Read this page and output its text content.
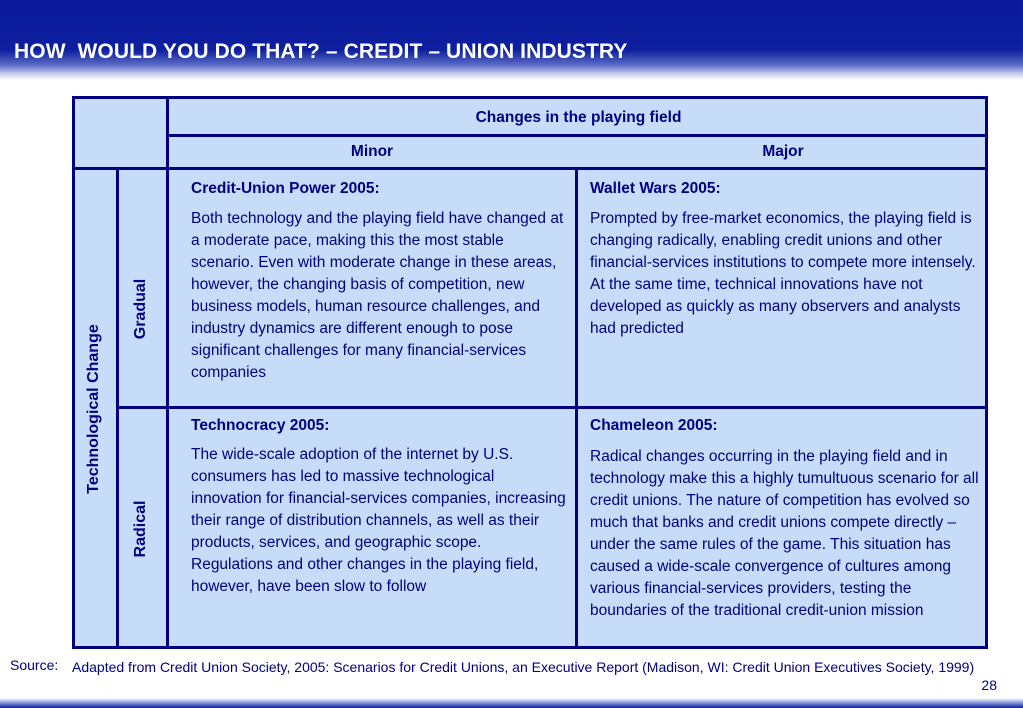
HOW  WOULD YOU DO THAT? – CREDIT – UNION INDUSTRY
Changes in the playing field
Minor	Major
Technological Change
Gradual
Radical
Credit-Union Power 2005:
Both technology and the playing field have changed at a moderate pace, making this the most stable scenario. Even with moderate change in these areas, however, the changing basis of competition, new business models, human resource challenges, and industry dynamics are different enough to pose significant challenges for many financial-services companies
Wallet Wars 2005:
Prompted by free-market economics, the playing field is changing radically, enabling credit unions and other financial-services institutions to compete more intensely. At the same time, technical innovations have not developed as quickly as many observers and analysts had predicted
Technocracy 2005:
The wide-scale adoption of the internet by U.S. consumers has led to massive technological innovation for financial-services companies, increasing their range of distribution channels, as well as their products, services, and geographic scope. Regulations and other changes in the playing field, however, have been slow to follow
Chameleon 2005:
Radical changes occurring in the playing field and in technology make this a highly tumultuous scenario for all credit unions. The nature of competition has evolved so much that banks and credit unions compete directly – under the same rules of the game. This situation has caused a wide-scale convergence of cultures among various financial-services providers, testing the boundaries of the traditional credit-union mission
Source: Adapted from Credit Union Society, 2005: Scenarios for Credit Unions, an Executive Report (Madison, WI: Credit Union Executives Society, 1999)
28
